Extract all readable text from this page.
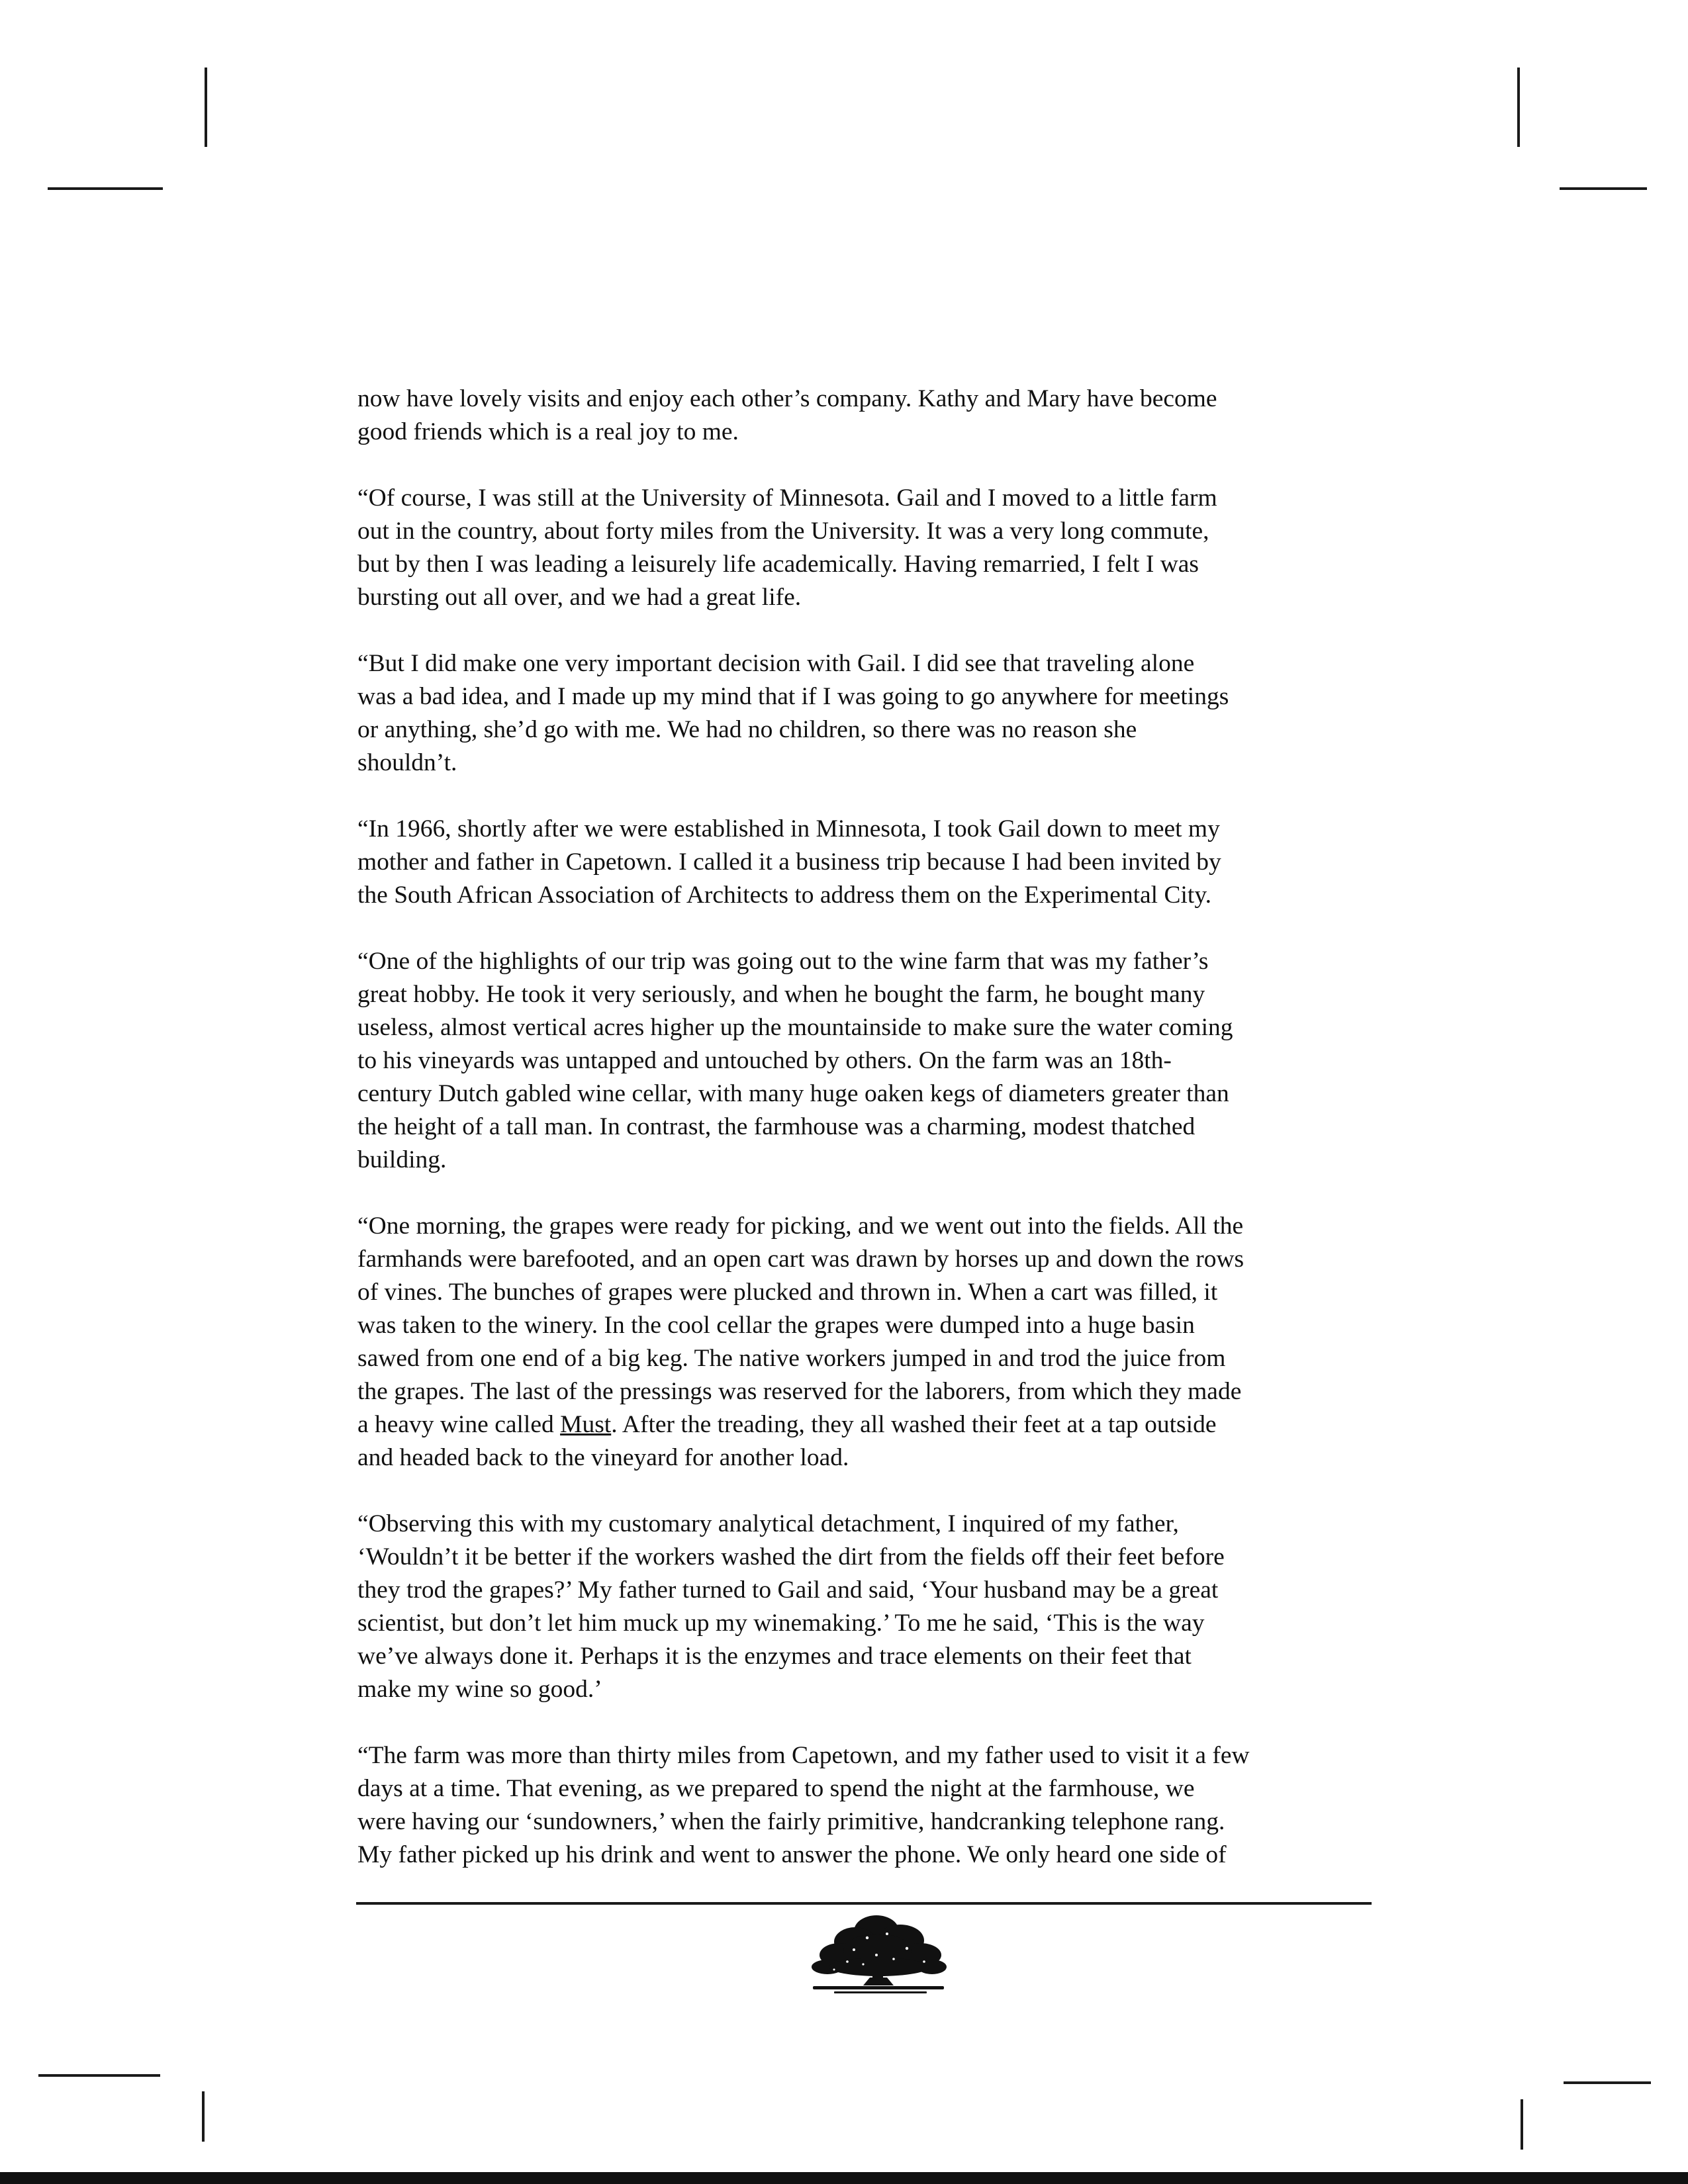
now have lovely visits and enjoy each other’s company. Kathy and Mary have become
good friends which is a real joy to me.

“Of course, I was still at the University of Minnesota. Gail and I moved to a little farm
out in the country, about forty miles from the University. It was a very long commute,
but by then I was leading a leisurely life academically. Having remarried, I felt I was
bursting out all over, and we had a great life.

“But I did make one very important decision with Gail. I did see that traveling alone
was a bad idea, and I made up my mind that if I was going to go anywhere for meetings
or anything, she’d go with me. We had no children, so there was no reason she
shouldn’t.

“In 1966, shortly after we were established in Minnesota, I took Gail down to meet my
mother and father in Capetown. I called it a business trip because I had been invited by
the South African Association of Architects to address them on the Experimental City.

“One of the highlights of our trip was going out to the wine farm that was my father’s
great hobby. He took it very seriously, and when he bought the farm, he bought many
useless, almost vertical acres higher up the mountainside to make sure the water coming
to his vineyards was untapped and untouched by others. On the farm was an 18th-
century Dutch gabled wine cellar, with many huge oaken kegs of diameters greater than
the height of a tall man. In contrast, the farmhouse was a charming, modest thatched
building.

“One morning, the grapes were ready for picking, and we went out into the fields. All the
farmhands were barefooted, and an open cart was drawn by horses up and down the rows
of vines. The bunches of grapes were plucked and thrown in. When a cart was filled, it
was taken to the winery. In the cool cellar the grapes were dumped into a huge basin
sawed from one end of a big keg. The native workers jumped in and trod the juice from
the grapes. The last of the pressings was reserved for the laborers, from which they made
a heavy wine called Must. After the treading, they all washed their feet at a tap outside
and headed back to the vineyard for another load.

“Observing this with my customary analytical detachment, I inquired of my father,
‘Wouldn’t it be better if the workers washed the dirt from the fields off their feet before
they trod the grapes?’ My father turned to Gail and said, ‘Your husband may be a great
scientist, but don’t let him muck up my winemaking.’ To me he said, ‘This is the way
we’ve always done it. Perhaps it is the enzymes and trace elements on their feet that
make my wine so good.’

“The farm was more than thirty miles from Capetown, and my father used to visit it a few
days at a time. That evening, as we prepared to spend the night at the farmhouse, we
were having our ‘sundowners,’ when the fairly primitive, handcranking telephone rang.
My father picked up his drink and went to answer the phone. We only heard one side of
